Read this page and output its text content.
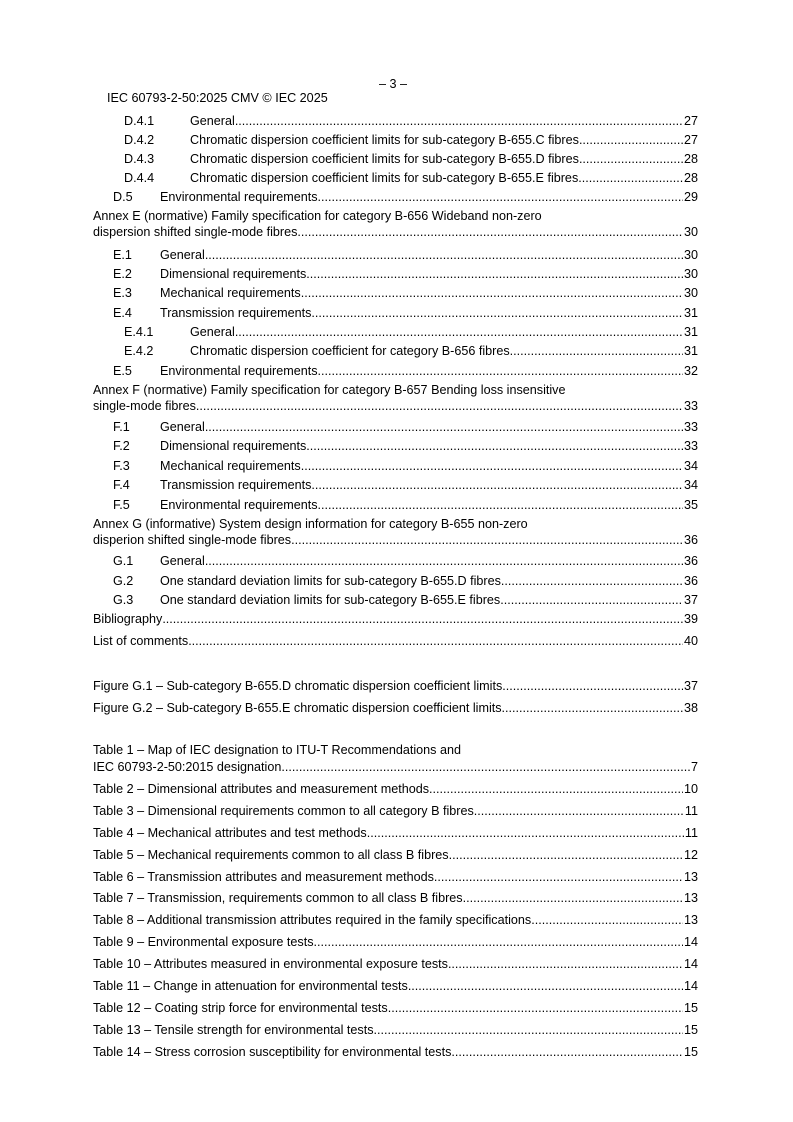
IEC 60793-2-50:2025 CMV © IEC 2025

– 3 –

D.4.1	General .....	27
D.4.2	Chromatic dispersion coefficient limits for sub-category B-655.C fibres .....	27
D.4.3	Chromatic dispersion coefficient limits for sub-category B-655.D fibres .....	28
D.4.4	Chromatic dispersion coefficient limits for sub-category B-655.E fibres .....	28
D.5 Environmental requirements .....	29
Annex E (normative) Family specification for category B-656 Wideband non-zero
dispersion shifted single-mode fibres .....	30
E.1 General .....	30
E.2 Dimensional requirements .....	30
E.3 Mechanical requirements .....	30
E.4 Transmission requirements .....	31
E.4.1	General .....	31
E.4.2	Chromatic dispersion coefficient for category B-656 fibres .....	31
E.5 Environmental requirements .....	32
Annex F (normative) Family specification for category B-657 Bending loss insensitive
single-mode fibres .....	33
F.1 General .....	33
F.2 Dimensional requirements .....	33
F.3 Mechanical requirements .....	34
F.4 Transmission requirements .....	34
F.5 Environmental requirements .....	35
Annex G (informative) System design information for category B-655 non-zero
disperion shifted single-mode fibres .....	36
G.1 General .....	36
G.2 One standard deviation limits for sub-category B-655.D fibres .....	36
G.3 One standard deviation limits for sub-category B-655.E fibres .....	37
Bibliography .....	39
List of comments .....	40
Figure G.1 – Sub-category B-655.D chromatic dispersion coefficient limits .....	37
Figure G.2 – Sub-category B-655.E chromatic dispersion coefficient limits .....	38
Table 1 – Map of IEC designation to ITU-T Recommendations and
IEC 60793-2-50:2015 designation .....	7
Table 2 – Dimensional attributes and measurement methods .....	10
Table 3 – Dimensional requirements common to all category B fibres .....	11
Table 4 – Mechanical attributes and test methods .....	11
Table 5 – Mechanical requirements common to all class B fibres .....	12
Table 6 – Transmission attributes and measurement methods .....	13
Table 7 – Transmission, requirements common to all class B fibres .....	13
Table 8 – Additional transmission attributes required in the family specifications .....	13
Table 9 – Environmental exposure tests .....	14
Table 10 – Attributes measured in environmental exposure tests .....	14
Table 11 – Change in attenuation for environmental tests .....	14
Table 12 – Coating strip force for environmental tests .....	15
Table 13 – Tensile strength for environmental tests .....	15
Table 14 – Stress corrosion susceptibility for environmental tests .....	15
